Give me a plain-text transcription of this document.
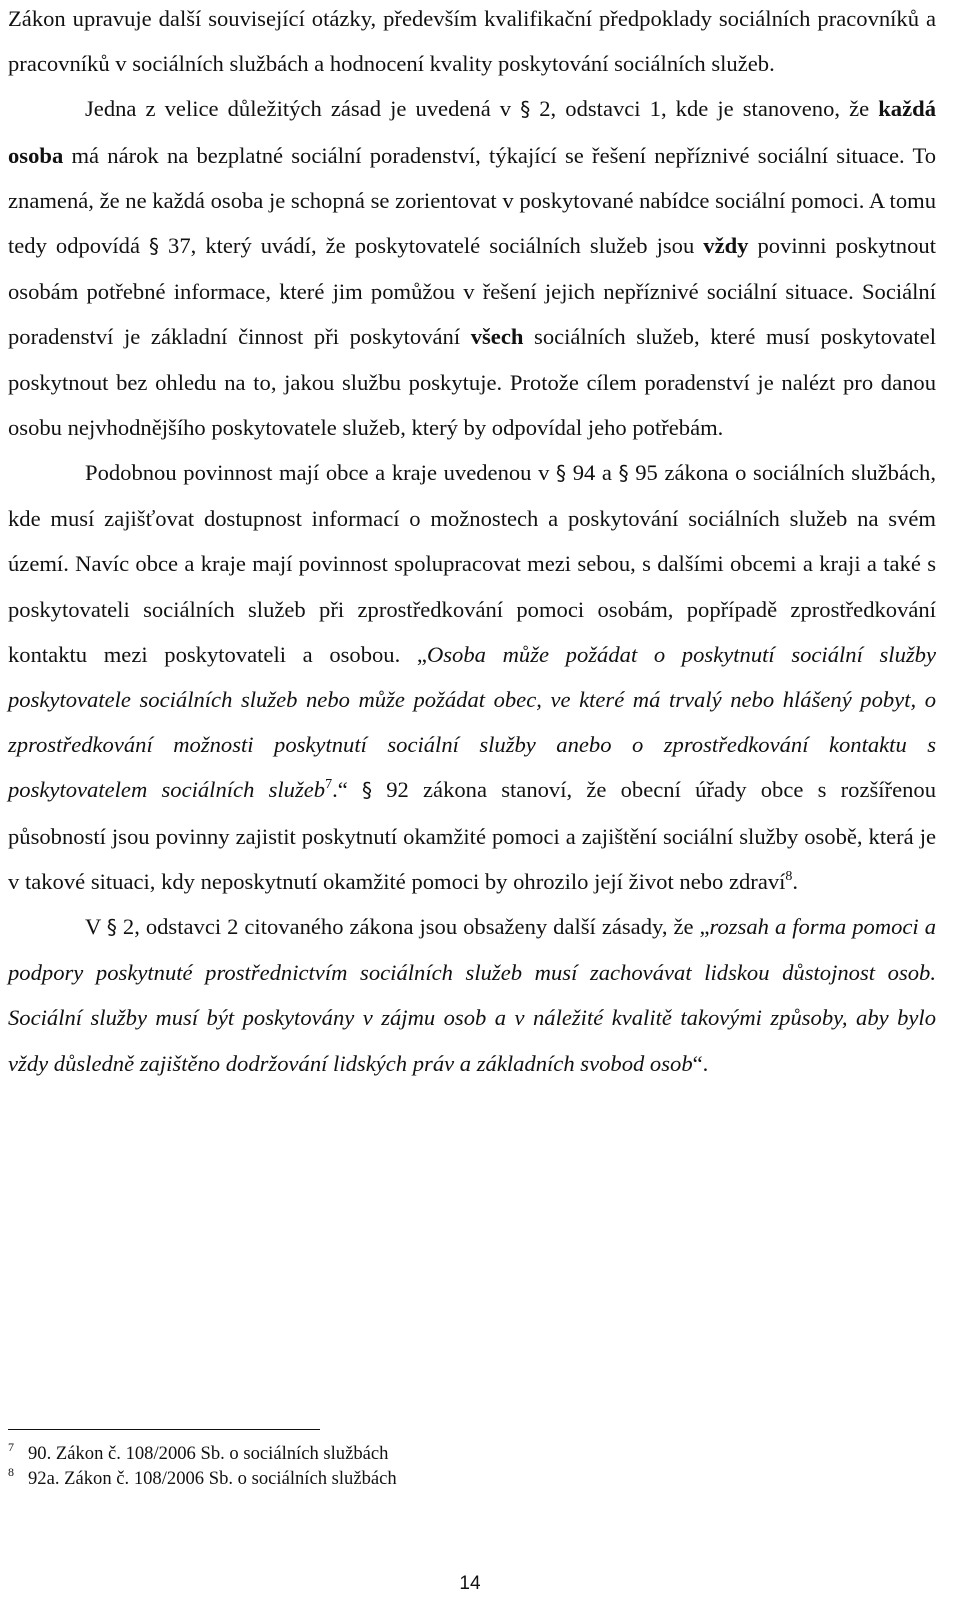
Zákon upravuje další související otázky, především kvalifikační předpoklady sociálních pracovníků a pracovníků v sociálních službách a hodnocení kvality poskytování sociálních služeb.

Jedna z velice důležitých zásad je uvedená v § 2, odstavci 1, kde je stanoveno, že každá osoba má nárok na bezplatné sociální poradenství, týkající se řešení nepříznivé sociální situace. To znamená, že ne každá osoba je schopná se zorientovat v poskytované nabídce sociální pomoci. A tomu tedy odpovídá § 37, který uvádí, že poskytovatelé sociálních služeb jsou vždy povinni poskytnout osobám potřebné informace, které jim pomůžou v řešení jejich nepříznivé sociální situace. Sociální poradenství je základní činnost při poskytování všech sociálních služeb, které musí poskytovatel poskytnout bez ohledu na to, jakou službu poskytuje. Protože cílem poradenství je nalézt pro danou osobu nejvhodnějšího poskytovatele služeb, který by odpovídal jeho potřebám.

Podobnou povinnost mají obce a kraje uvedenou v § 94 a § 95 zákona o sociálních službách, kde musí zajišťovat dostupnost informací o možnostech a poskytování sociálních služeb na svém území. Navíc obce a kraje mají povinnost spolupracovat mezi sebou, s dalšími obcemi a kraji a také s poskytovateli sociálních služeb při zprostředkování pomoci osobám, popřípadě zprostředkování kontaktu mezi poskytovateli a osobou. „Osoba může požádat o poskytnutí sociální služby poskytovatele sociálních služeb nebo může požádat obec, ve které má trvalý nebo hlášený pobyt, o zprostředkování možnosti poskytnutí sociální služby anebo o zprostředkování kontaktu s poskytovatelem sociálních služeb$^7$.“ § 92 zákona stanoví, že obecní úřady obce s rozšířenou působností jsou povinny zajistit poskytnutí okamžité pomoci a zajištění sociální služby osobě, která je v takové situaci, kdy neposkytnutí okamžité pomoci by ohrozilo její život nebo zdraví$^8$.

V § 2, odstavci 2 citovaného zákona jsou obsaženy další zásady, že „rozsah a forma pomoci a podpory poskytnuté prostřednictvím sociálních služeb musí zachovávat lidskou důstojnost osob. Sociální služby musí být poskytovány v zájmu osob a v náležité kvalitě takovými způsoby, aby bylo vždy důsledně zajištěno dodržování lidských práv a základních svobod osob“.

$^7$ 90. Zákon č. 108/2006 Sb. o sociálních službách

$^8$ 92a. Zákon č. 108/2006 Sb. o sociálních službách

14
